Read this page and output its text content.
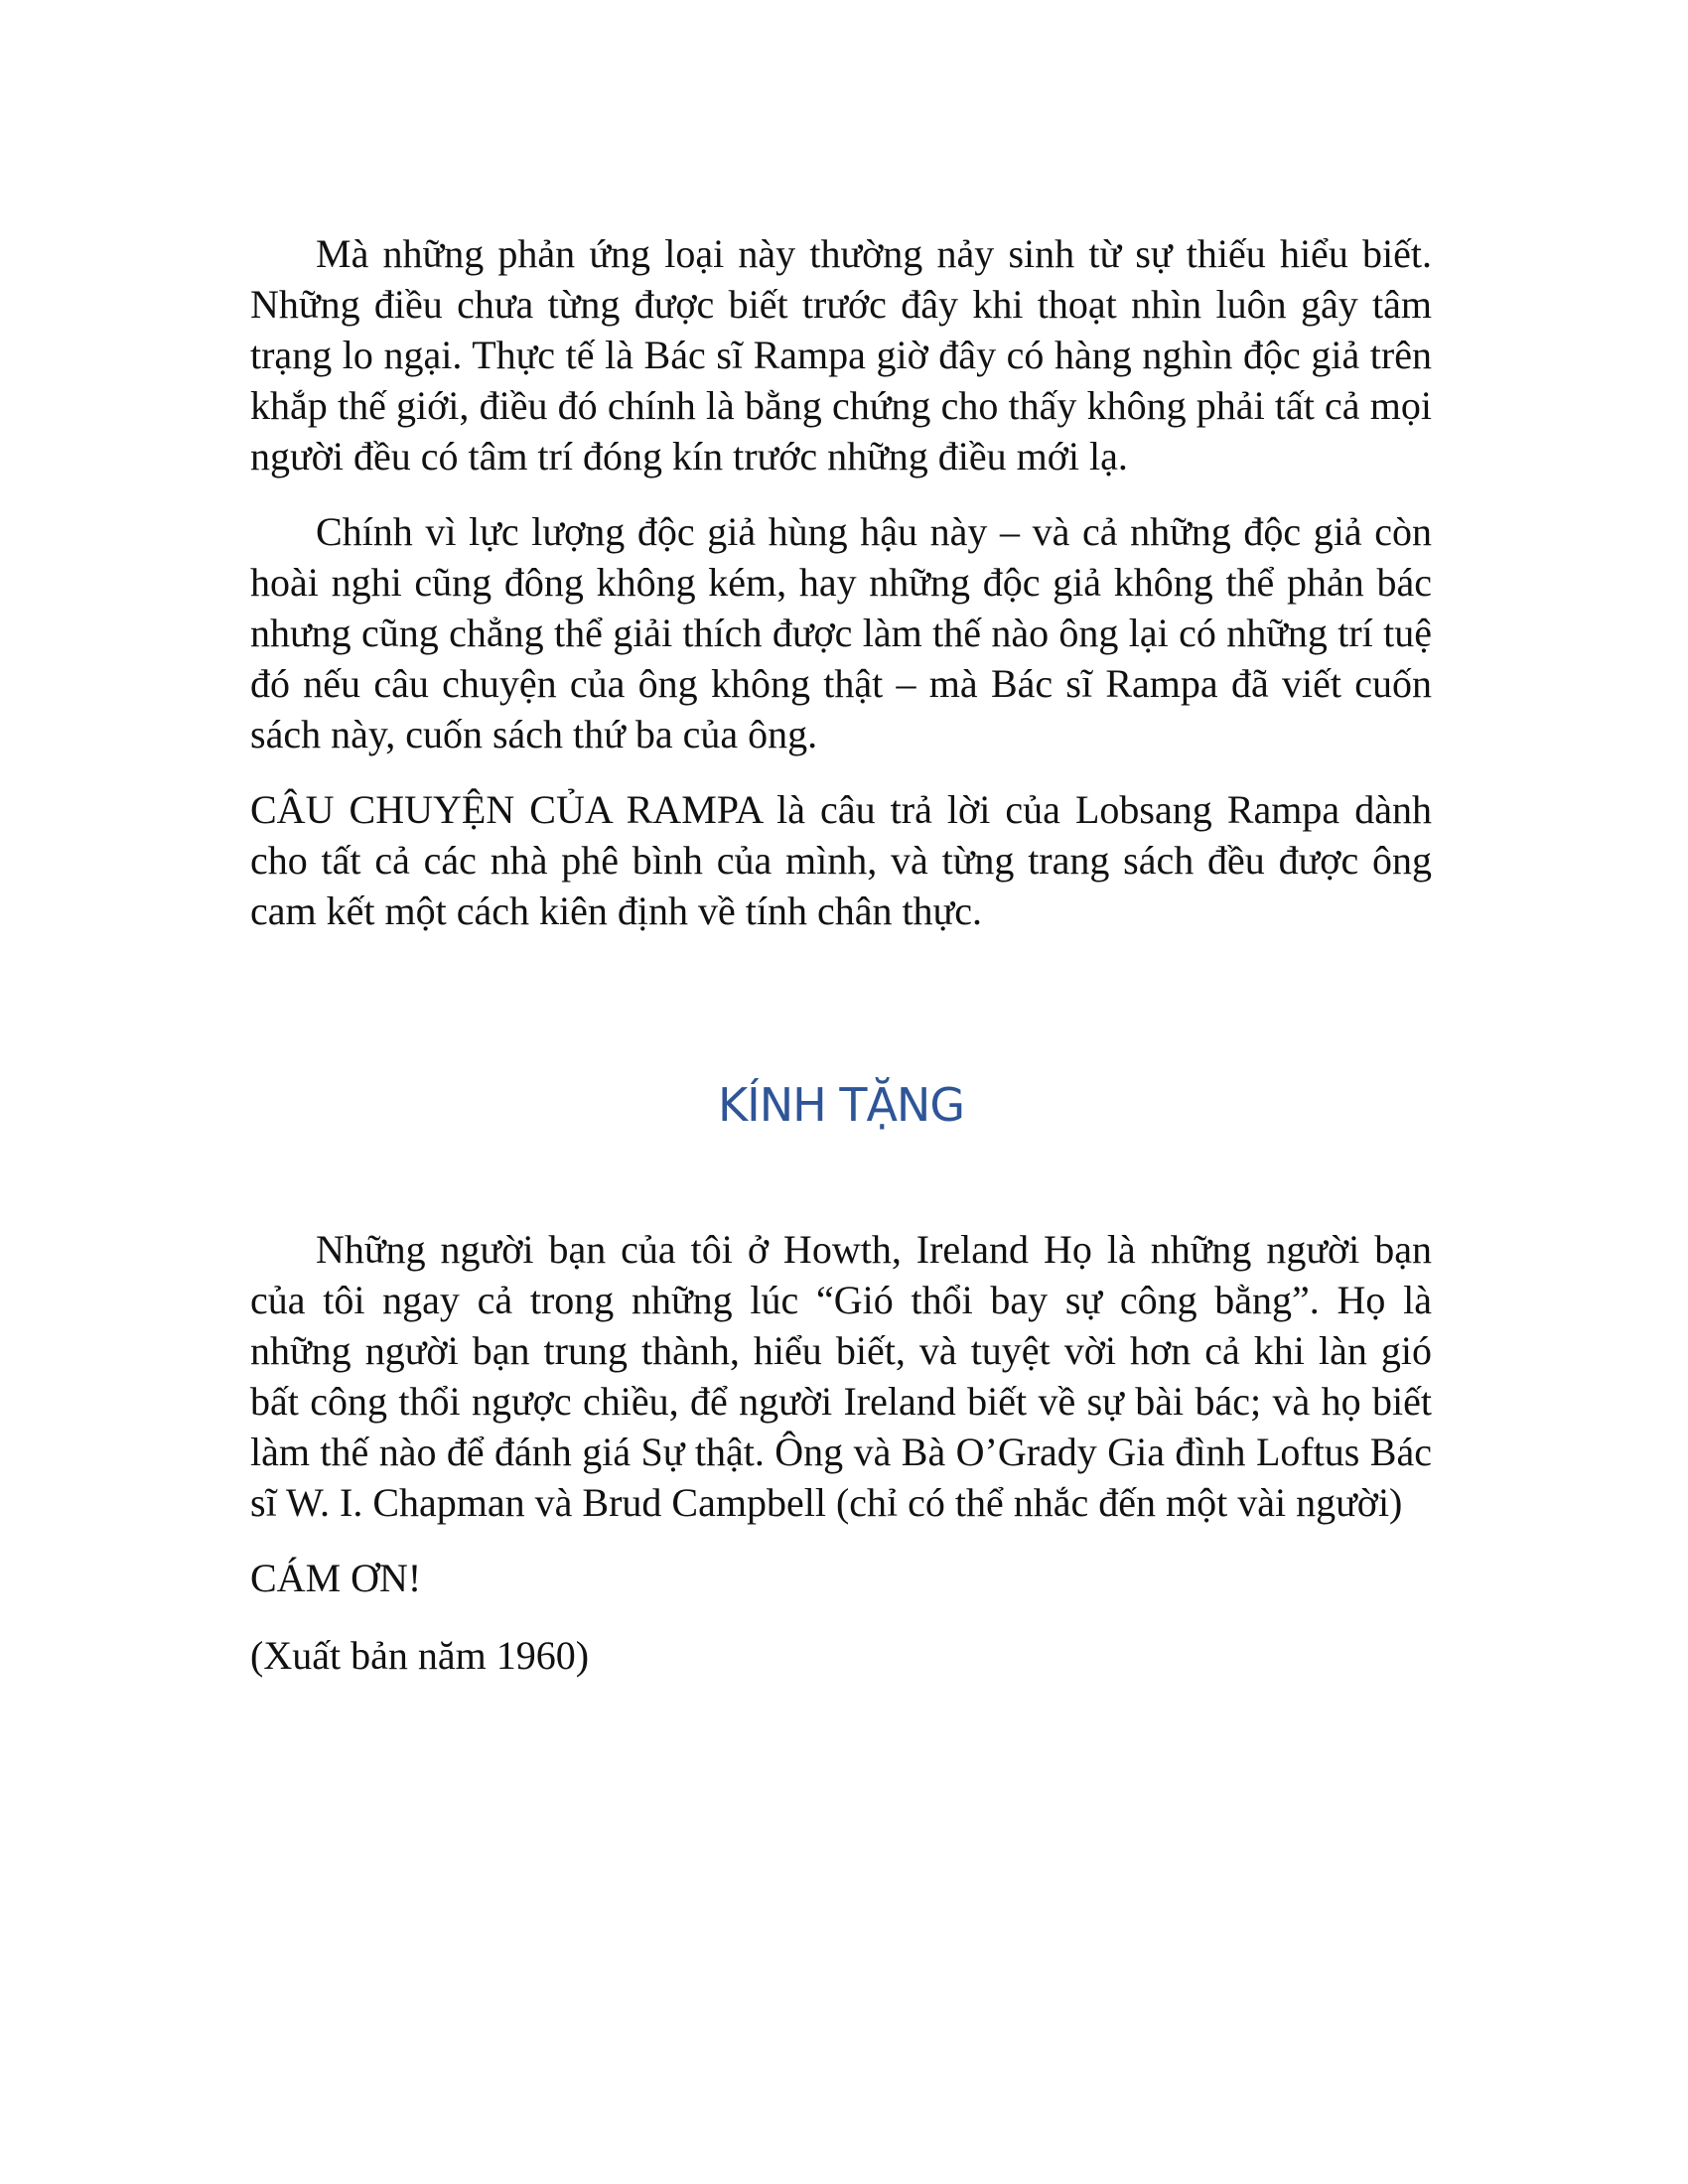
Mà những phản ứng loại này thường nảy sinh từ sự thiếu hiểu biết. Những điều chưa từng được biết trước đây khi thoạt nhìn luôn gây tâm trạng lo ngại. Thực tế là Bác sĩ Rampa giờ đây có hàng nghìn độc giả trên khắp thế giới, điều đó chính là bằng chứng cho thấy không phải tất cả mọi người đều có tâm trí đóng kín trước những điều mới lạ.

Chính vì lực lượng độc giả hùng hậu này – và cả những độc giả còn hoài nghi cũng đông không kém, hay những độc giả không thể phản bác nhưng cũng chẳng thể giải thích được làm thế nào ông lại có những trí tuệ đó nếu câu chuyện của ông không thật – mà Bác sĩ Rampa đã viết cuốn sách này, cuốn sách thứ ba của ông.

CÂU CHUYỆN CỦA RAMPA là câu trả lời của Lobsang Rampa dành cho tất cả các nhà phê bình của mình, và từng trang sách đều được ông cam kết một cách kiên định về tính chân thực.

KÍNH TẶNG

Những người bạn của tôi ở Howth, Ireland Họ là những người bạn của tôi ngay cả trong những lúc “Gió thổi bay sự công bằng”. Họ là những người bạn trung thành, hiểu biết, và tuyệt vời hơn cả khi làn gió bất công thổi ngược chiều, để người Ireland biết về sự bài bác; và họ biết làm thế nào để đánh giá Sự thật. Ông và Bà O’Grady Gia đình Loftus Bác sĩ W. I. Chapman và Brud Campbell (chỉ có thể nhắc đến một vài người)

CÁM ƠN!

(Xuất bản năm 1960)
